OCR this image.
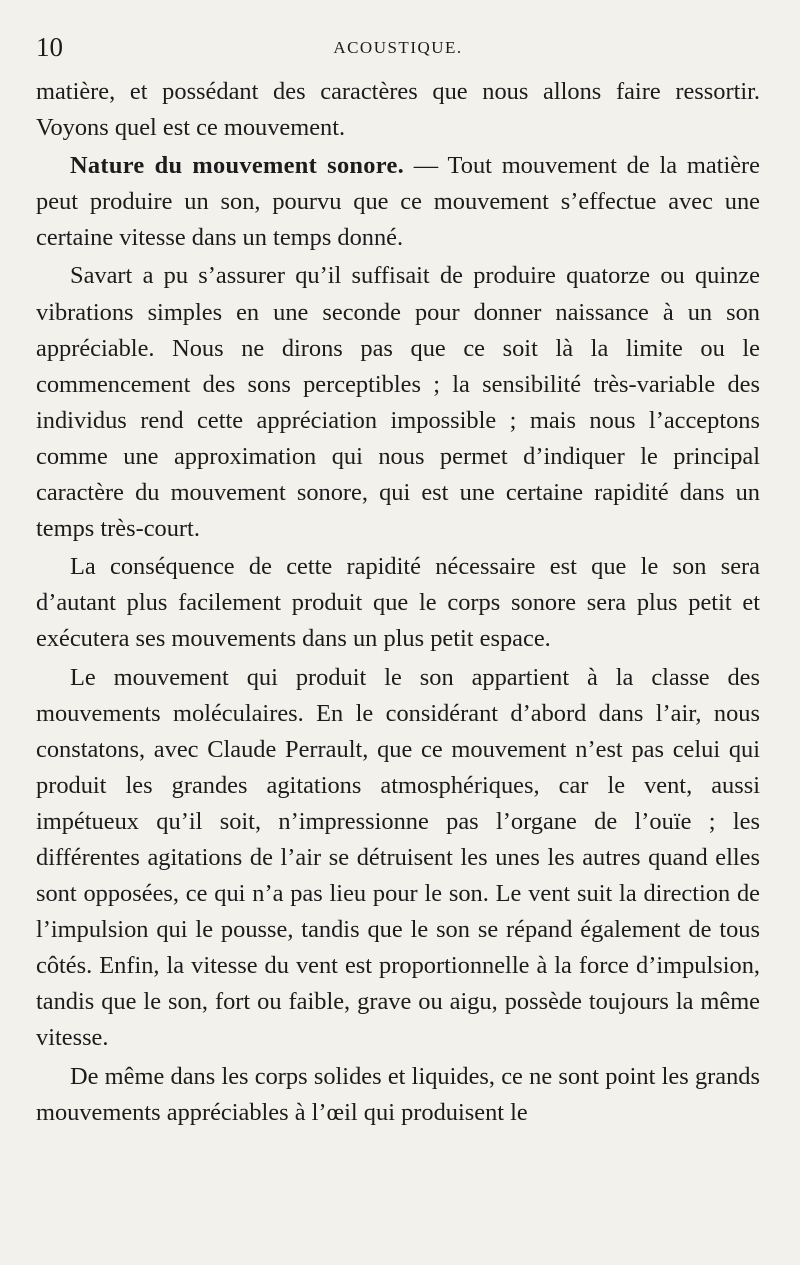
10	ACOUSTIQUE.

matière, et possédant des caractères que nous allons faire ressortir. Voyons quel est ce mouvement.

Nature du mouvement sonore. — Tout mouvement de la matière peut produire un son, pourvu que ce mouvement s’effectue avec une certaine vitesse dans un temps donné.

Savart a pu s’assurer qu’il suffisait de produire quatorze ou quinze vibrations simples en une seconde pour donner naissance à un son appréciable. Nous ne dirons pas que ce soit là la limite ou le commencement des sons perceptibles ; la sensibilité très-variable des individus rend cette appréciation impossible ; mais nous l’acceptons comme une approximation qui nous permet d’indiquer le principal caractère du mouvement sonore, qui est une certaine rapidité dans un temps très-court.

La conséquence de cette rapidité nécessaire est que le son sera d’autant plus facilement produit que le corps sonore sera plus petit et exécutera ses mouvements dans un plus petit espace.

Le mouvement qui produit le son appartient à la classe des mouvements moléculaires. En le considérant d’abord dans l’air, nous constatons, avec Claude Perrault, que ce mouvement n’est pas celui qui produit les grandes agitations atmosphériques, car le vent, aussi impétueux qu’il soit, n’impressionne pas l’organe de l’ouïe ; les différentes agitations de l’air se détruisent les unes les autres quand elles sont opposées, ce qui n’a pas lieu pour le son. Le vent suit la direction de l’impulsion qui le pousse, tandis que le son se répand également de tous côtés. Enfin, la vitesse du vent est proportionnelle à la force d’impulsion, tandis que le son, fort ou faible, grave ou aigu, possède toujours la même vitesse.

De même dans les corps solides et liquides, ce ne sont point les grands mouvements appréciables à l’œil qui produisent le
